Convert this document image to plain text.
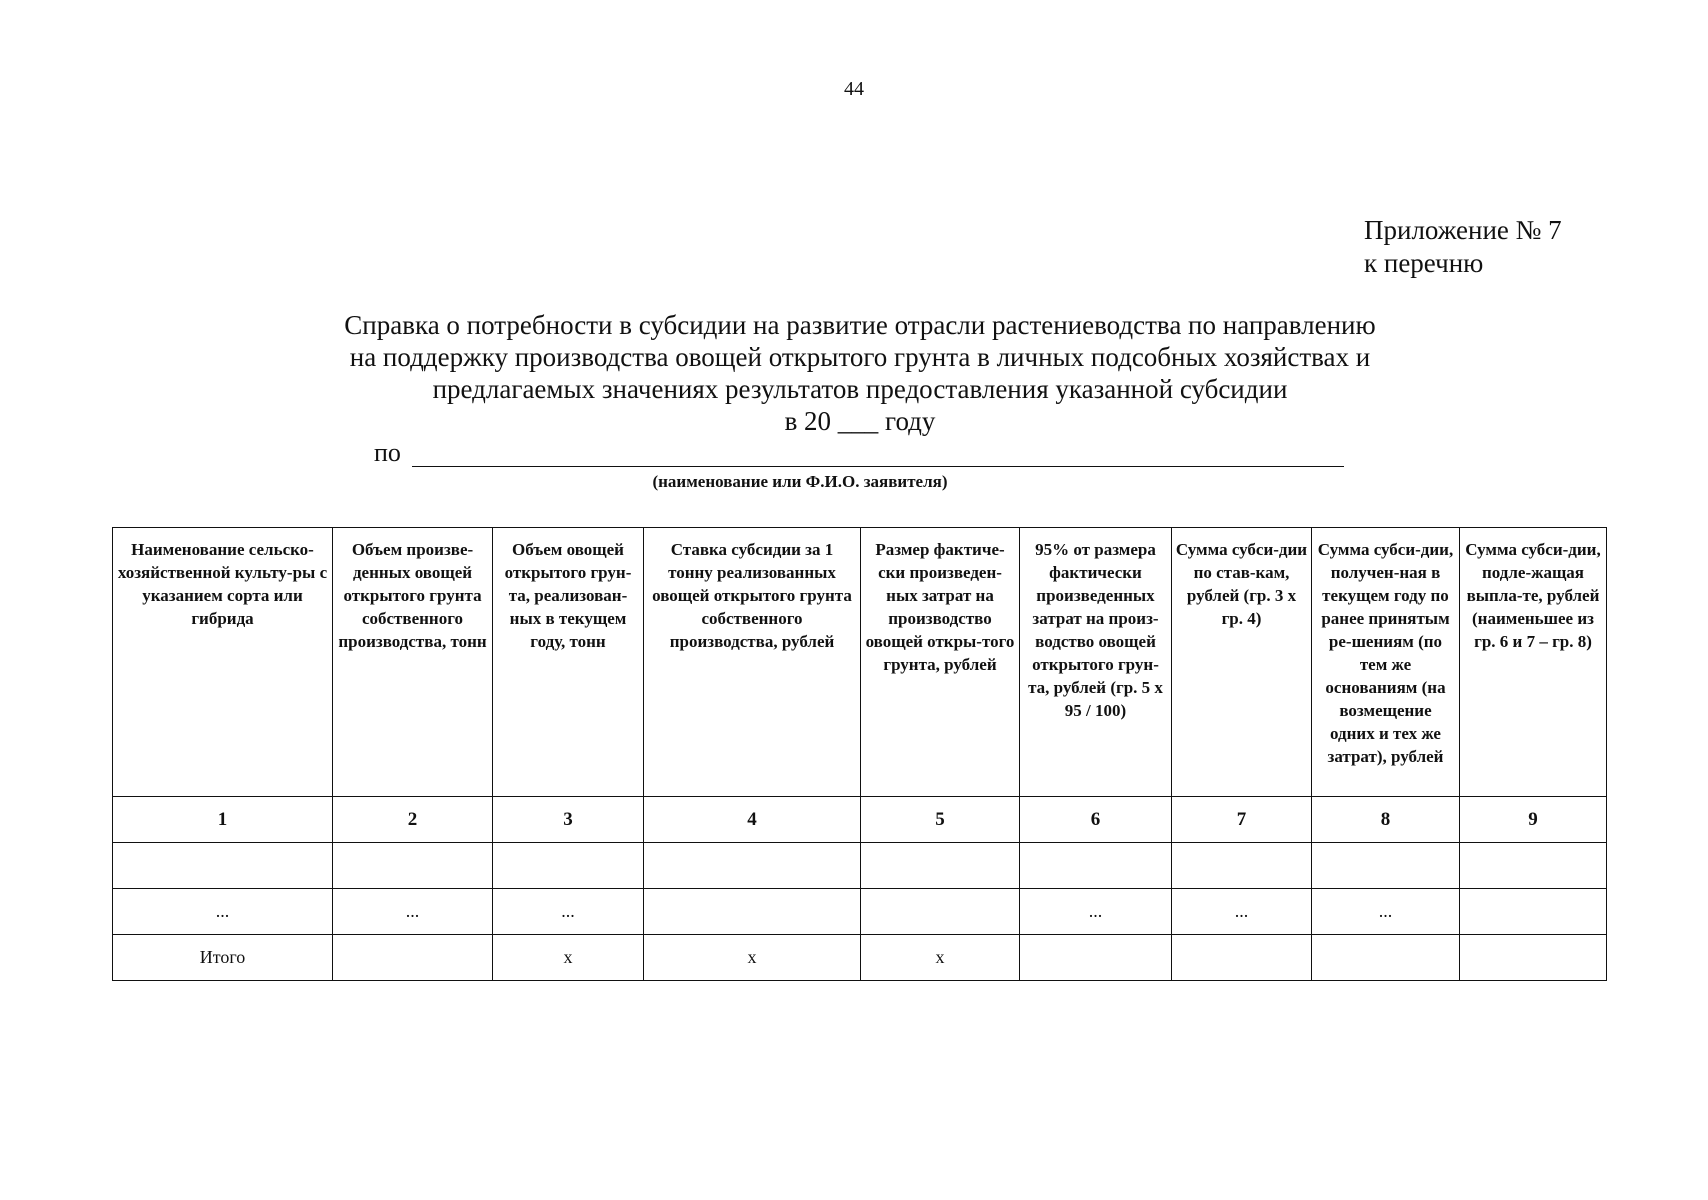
44
Приложение № 7
к перечню
Справка о потребности в субсидии на развитие отрасли растениеводства по направлению
на поддержку производства овощей открытого грунта в личных подсобных хозяйствах и
предлагаемых значениях результатов предоставления указанной субсидии
в 20 ___ году
по
(наименование или Ф.И.О. заявителя)
Наименование сельско-хозяйственной культу-ры с указанием сорта или гибрида	Объем произве-денных овощей открытого грунта собственного производства, тонн	Объем овощей открытого грун-та, реализован-ных в текущем году, тонн	Ставка субсидии за 1 тонну реализованных овощей открытого грунта собственного производства, рублей	Размер фактиче-ски произведен-ных затрат на производство овощей откры-того грунта, рублей	95% от размера фактически произведенных затрат на произ-водство овощей открытого грун-та, рублей (гр. 5 х 95 / 100)	Сумма субси-дии по став-кам, рублей (гр. 3 х гр. 4)	Сумма субси-дии, получен-ная в текущем году по ранее принятым ре-шениям (по тем же основаниям (на возмещение одних и тех же затрат), рублей	Сумма субси-дии, подле-жащая выпла-те, рублей (наименьшее из гр. 6 и 7 – гр. 8)
1	2	3	4	5	6	7	8	9

...	...	...			...	...	...	
Итого		x	x	x				
